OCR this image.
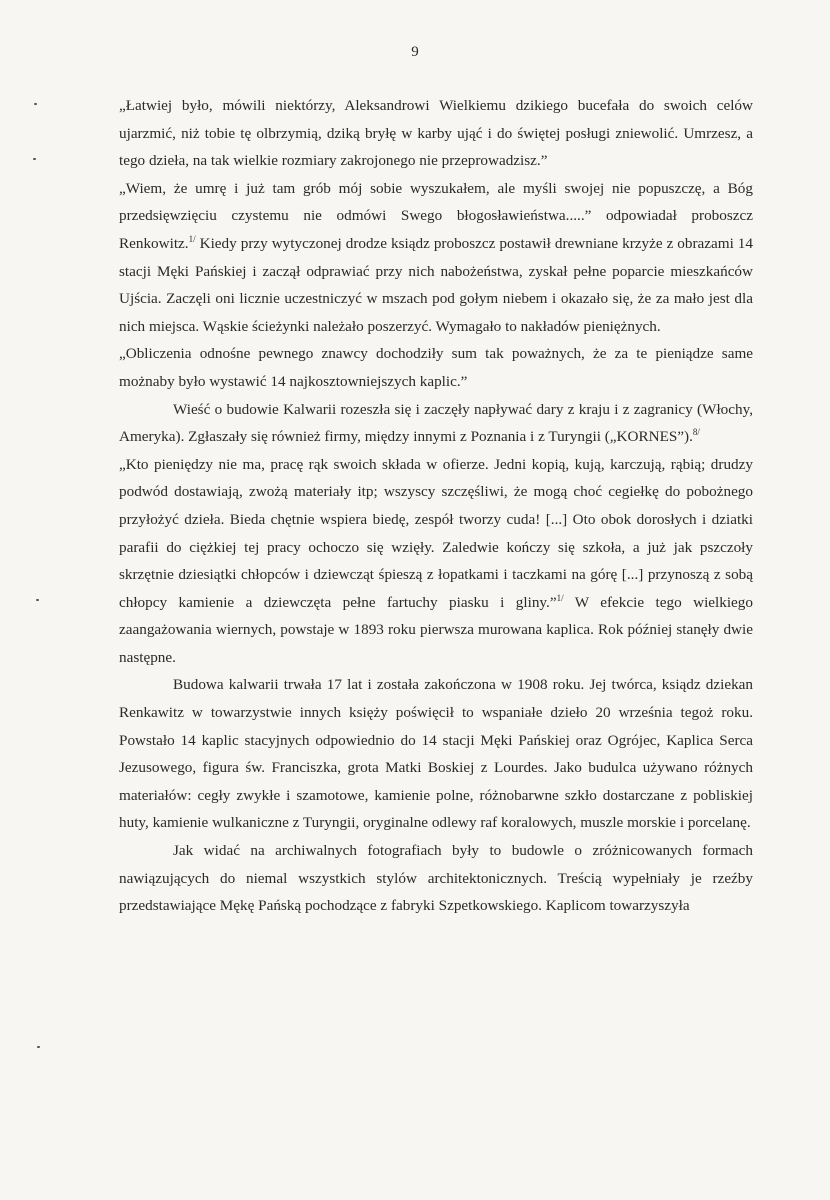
9

„Łatwiej było, mówili niektórzy, Aleksandrowi Wielkiemu dzikiego bucefała do swoich celów ujarzmić, niż tobie tę olbrzymią, dziką bryłę w karby ująć i do świętej posługi zniewolić. Umrzesz, a tego dzieła, na tak wielkie rozmiary zakrojonego nie przeprowadzisz.”

„Wiem, że umrę i już tam grób mój sobie wyszukałem, ale myśli swojej nie popuszczę, a Bóg przedsięwzięciu czystemu nie odmówi Swego błogosławieństwa.....” odpowiadał proboszcz Renkowitz.$^{1/}$ Kiedy przy wytyczonej drodze ksiądz proboszcz postawił drewniane krzyże z obrazami 14 stacji Męki Pańskiej i zaczął odprawiać przy nich nabożeństwa, zyskał pełne poparcie mieszkańców Ujścia. Zaczęli oni licznie uczestniczyć w mszach pod gołym niebem i okazało się, że za mało jest dla nich miejsca. Wąskie ścieżynki należało poszerzyć. Wymagało to nakładów pieniężnych.

„Obliczenia odnośne pewnego znawcy dochodziły sum tak poważnych, że za te pieniądze same możnaby było wystawić 14 najkosztowniejszych kaplic.”

Wieść o budowie Kalwarii rozeszła się i zaczęły napływać dary z kraju i z zagranicy (Włochy, Ameryka). Zgłaszały się również firmy, między innymi z Poznania i z Turyngii („KORNES”).$^{8/}$

„Kto pieniędzy nie ma, pracę rąk swoich składa w ofierze. Jedni kopią, kują, karczują, rąbią; drudzy podwód dostawiają, zwożą materiały itp; wszyscy szczęśliwi, że mogą choć cegiełkę do pobożnego przyłożyć dzieła. Bieda chętnie wspiera biedę, zespół tworzy cuda! [...] Oto obok dorosłych i dziatki parafii do ciężkiej tej pracy ochoczo się wzięły. Zaledwie kończy się szkoła, a już jak pszczoły skrzętnie dziesiątki chłopców i dziewcząt śpieszą z łopatkami i taczkami na górę [...] przynoszą z sobą chłopcy kamienie a dziewczęta pełne fartuchy piasku i gliny.”$^{1/}$ W efekcie tego wielkiego zaangażowania wiernych, powstaje w 1893 roku pierwsza murowana kaplica. Rok później stanęły dwie następne.

Budowa kalwarii trwała 17 lat i została zakończona w 1908 roku. Jej twórca, ksiądz dziekan Renkawitz w towarzystwie innych księży poświęcił to wspaniałe dzieło 20 września tegoż roku. Powstało 14 kaplic stacyjnych odpowiednio do 14 stacji Męki Pańskiej oraz Ogrójec, Kaplica Serca Jezusowego, figura św. Franciszka, grota Matki Boskiej z Lourdes. Jako budulca używano różnych materiałów: cegły zwykłe i szamotowe, kamienie polne, różnobarwne szkło dostarczane z pobliskiej huty, kamienie wulkaniczne z Turyngii, oryginalne odlewy raf koralowych, muszle morskie i porcelanę.

Jak widać na archiwalnych fotografiach były to budowle o zróżnicowanych formach nawiązujących do niemal wszystkich stylów architektonicznych. Treścią wypełniały je rzeźby przedstawiające Mękę Pańską pochodzące z fabryki Szpetkowskiego. Kaplicom towarzyszyła
